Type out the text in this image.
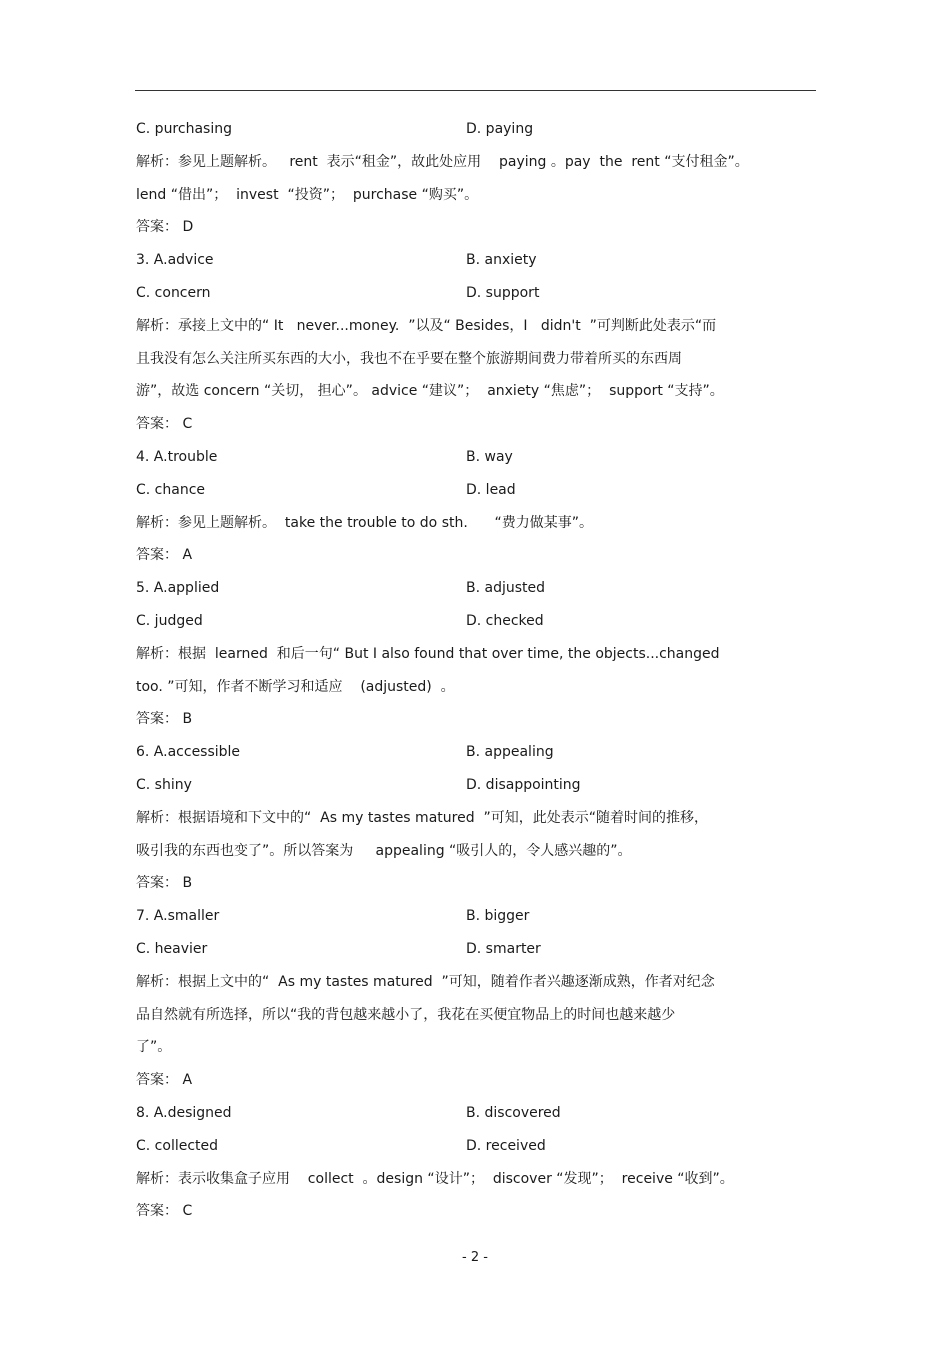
C. purchasing	D. paying
解析：参见上题解析。   rent  表示“租金”，故此处应用    paying 。pay  the  rent “支付租金”。
lend “借出”；  invest  “投资”；  purchase “购买”。
答案： D
3. A.advice	B. anxiety
C. concern	D. support
解析：承接上文中的“ It   never...money.  ”以及“ Besides，I   didn't  ”可判断此处表示“而
且我没有怎么关注所买东西的大小，我也不在乎要在整个旅游期间费力带着所买的东西周
游”，故选 concern “关切， 担心”。 advice “建议”；  anxiety “焦虑”；  support “支持”。
答案： C
4. A.trouble	B. way
C. chance	D. lead
解析：参见上题解析。  take the trouble to do sth.      “费力做某事”。
答案： A
5. A.applied	B. adjusted
C. judged	D. checked
解析：根据  learned  和后一句“ But I also found that over time, the objects...changed
too. ”可知，作者不断学习和适应    (adjusted)  。
答案： B
6. A.accessible	B. appealing
C. shiny	D. disappointing
解析：根据语境和下文中的“  As my tastes matured  ”可知，此处表示“随着时间的推移，
吸引我的东西也变了”。所以答案为     appealing “吸引人的，令人感兴趣的”。
答案： B
7. A.smaller	B. bigger
C. heavier	D. smarter
解析：根据上文中的“  As my tastes matured  ”可知，随着作者兴趣逐渐成熟，作者对纪念
品自然就有所选择，所以“我的背包越来越小了，我花在买便宜物品上的时间也越来越少
了”。
答案： A
8. A.designed	B. discovered
C. collected	D. received
解析：表示收集盒子应用    collect  。design “设计”；  discover “发现”；  receive “收到”。
答案： C
- 2 -
